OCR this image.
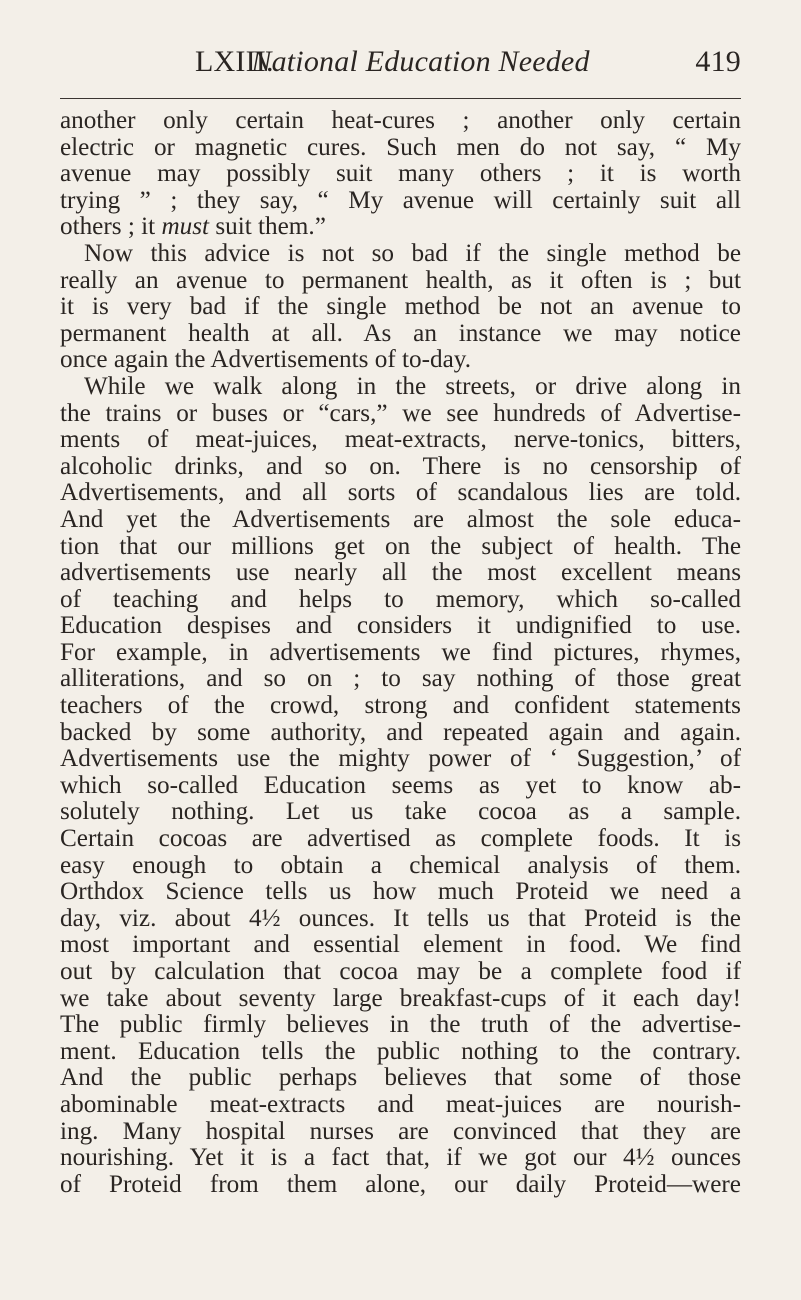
LXIII.
National Education Needed	419
another only certain heat-cures ; another only certain
electric or magnetic cures. Such men do not say, “ My
avenue may possibly suit many others ; it is worth
trying ” ; they say, “ My avenue will certainly suit all
others ; it must suit them.”
Now this advice is not so bad if the single method be
really an avenue to permanent health, as it often is ; but
it is very bad if the single method be not an avenue to
permanent health at all. As an instance we may notice
once again the Advertisements of to-day.
While we walk along in the streets, or drive along in
the trains or buses or “cars,” we see hundreds of Advertise-
ments of meat-juices, meat-extracts, nerve-tonics, bitters,
alcoholic drinks, and so on. There is no censorship of
Advertisements, and all sorts of scandalous lies are told.
And yet the Advertisements are almost the sole educa-
tion that our millions get on the subject of health. The
advertisements use nearly all the most excellent means
of teaching and helps to memory, which so-called
Education despises and considers it undignified to use.
For example, in advertisements we find pictures, rhymes,
alliterations, and so on ; to say nothing of those great
teachers of the crowd, strong and confident statements
backed by some authority, and repeated again and again.
Advertisements use the mighty power of ‘ Suggestion,’ of
which so-called Education seems as yet to know ab-
solutely nothing. Let us take cocoa as a sample.
Certain cocoas are advertised as complete foods. It is
easy enough to obtain a chemical analysis of them.
Orthdox Science tells us how much Proteid we need a
day, viz. about 4½ ounces. It tells us that Proteid is the
most important and essential element in food. We find
out by calculation that cocoa may be a complete food if
we take about seventy large breakfast-cups of it each day!
The public firmly believes in the truth of the advertise-
ment. Education tells the public nothing to the contrary.
And the public perhaps believes that some of those
abominable meat-extracts and meat-juices are nourish-
ing. Many hospital nurses are convinced that they are
nourishing. Yet it is a fact that, if we got our 4½ ounces
of Proteid from them alone, our daily Proteid—were
